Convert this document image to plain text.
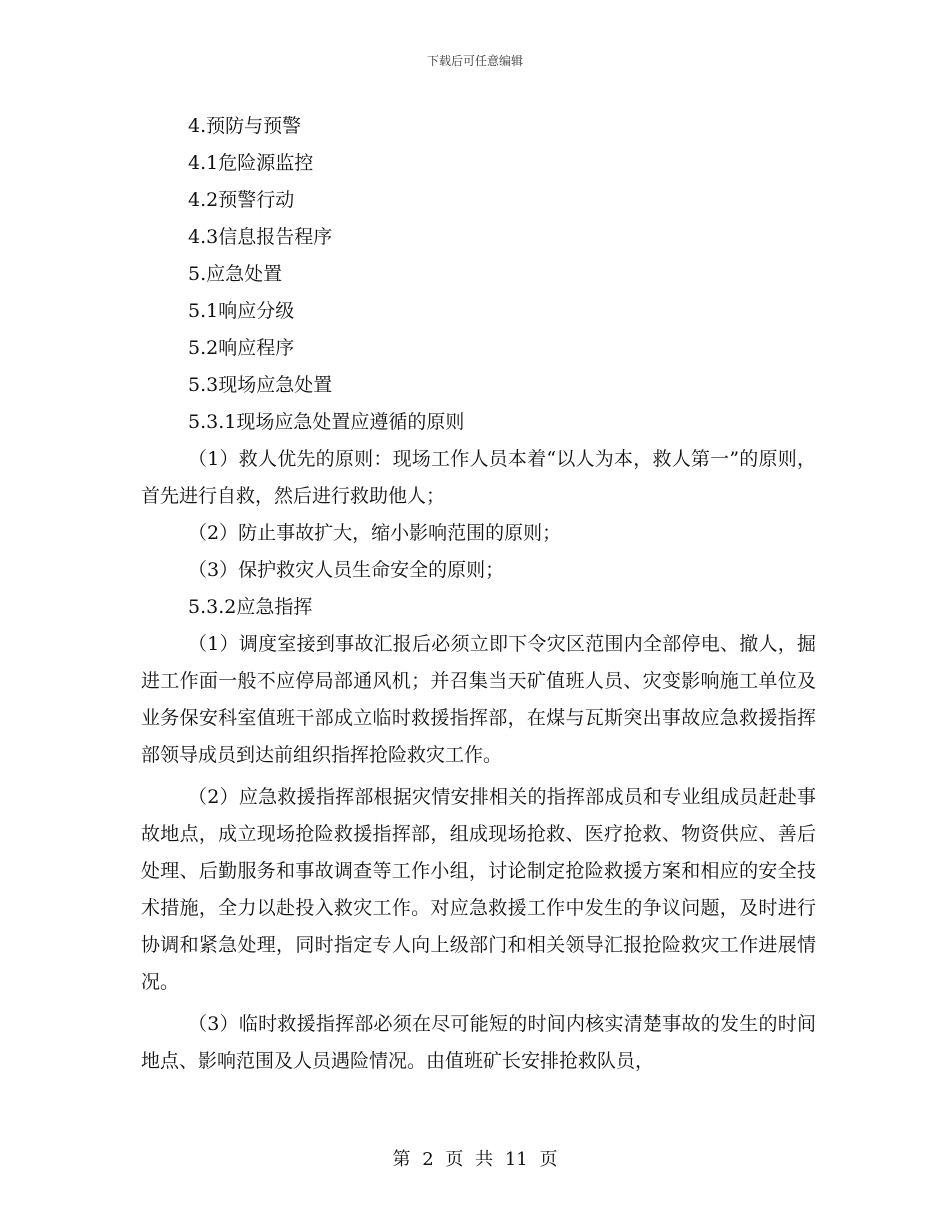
下载后可任意编辑
4.预防与预警
4.1危险源监控
4.2预警行动
4.3信息报告程序
5.应急处置
5.1响应分级
5.2响应程序
5.3现场应急处置
5.3.1现场应急处置应遵循的原则
（1）救人优先的原则：现场工作人员本着“以人为本，救人第一”的原则，首先进行自救，然后进行救助他人；
（2）防止事故扩大，缩小影响范围的原则；
（3）保护救灾人员生命安全的原则；
5.3.2应急指挥
（1）调度室接到事故汇报后必须立即下令灾区范围内全部停电、撤人，掘进工作面一般不应停局部通风机；并召集当天矿值班人员、灾变影响施工单位及业务保安科室值班干部成立临时救援指挥部，在煤与瓦斯突出事故应急救援指挥部领导成员到达前组织指挥抢险救灾工作。
（2）应急救援指挥部根据灾情安排相关的指挥部成员和专业组成员赶赴事故地点，成立现场抢险救援指挥部，组成现场抢救、医疗抢救、物资供应、善后处理、后勤服务和事故调查等工作小组，讨论制定抢险救援方案和相应的安全技术措施，全力以赴投入救灾工作。对应急救援工作中发生的争议问题，及时进行协调和紧急处理，同时指定专人向上级部门和相关领导汇报抢险救灾工作进展情况。
（3）临时救援指挥部必须在尽可能短的时间内核实清楚事故的发生的时间地点、影响范围及人员遇险情况。由值班矿长安排抢救队员，
第 2 页 共 11 页
